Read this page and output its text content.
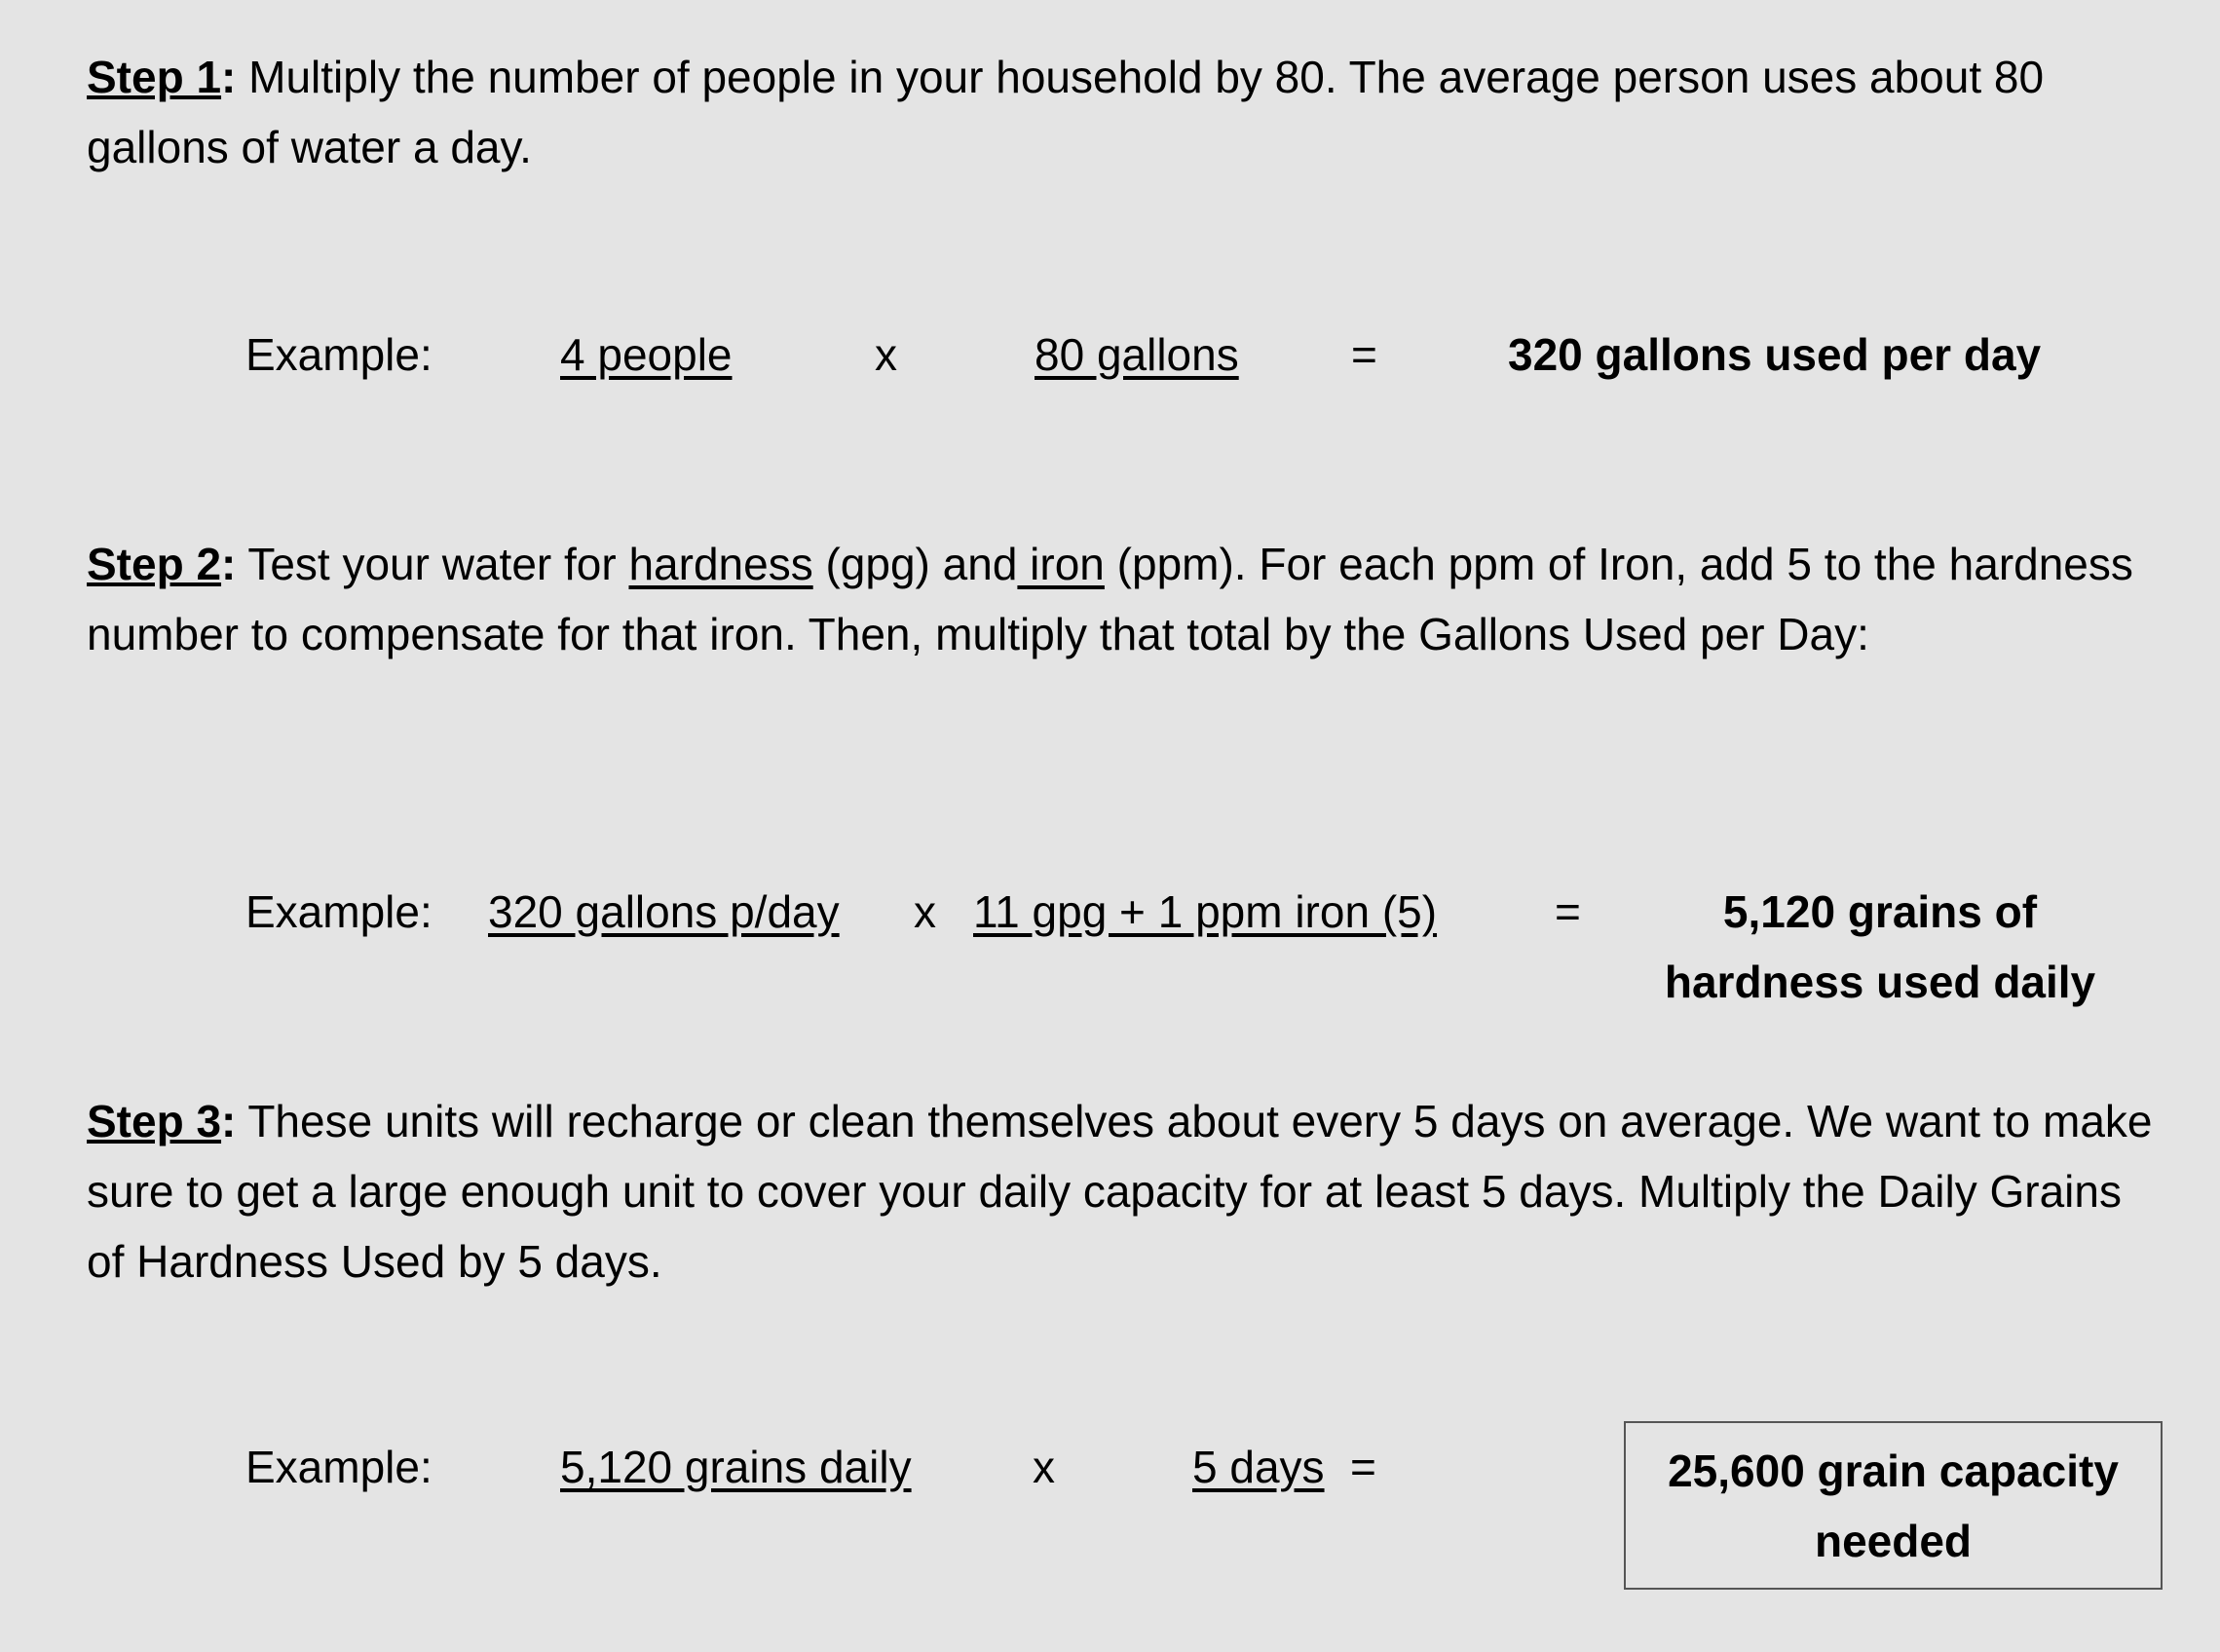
Step 1: Multiply the number of people in your household by 80. The average person uses about 80 gallons of water a day.
Example:	4 people	x	80 gallons	=	320 gallons used per day
Step 2: Test your water for hardness (gpg) and iron (ppm). For each ppm of Iron, add 5 to the hardness number to compensate for that iron. Then, multiply that total by the Gallons Used per Day:
Example: 320 gallons p/day x 11 gpg + 1 ppm iron (5)	=	5,120 grains of
hardness used daily
Step 3: These units will recharge or clean themselves about every 5 days on average. We want to make sure to get a large enough unit to cover your daily capacity for at least 5 days. Multiply the Daily Grains of Hardness Used by 5 days.
Example:	5,120 grains daily	x	5 days =	25,600 grain capacity
needed
